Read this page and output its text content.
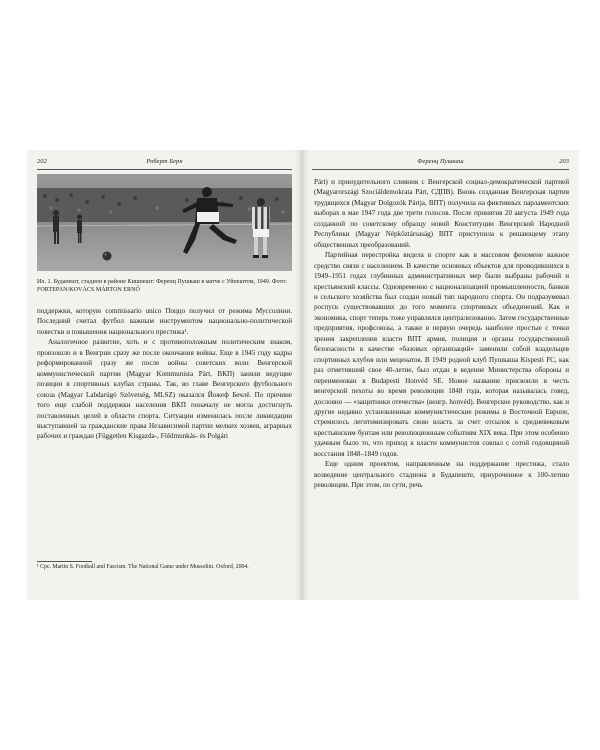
202	Роберт Берн
Ил. 1. Будапешт, стадион в районе Кишпешт: Ференц Пушкаш в матче с Уйпештом, 1949. Фото: FORTEPAN/KOVÁCS MÁRTON ERNŐ

поддержки, которую commissario unico Поццо получил от режима Муссолини. Последний считал футбол важным инструментом национально-политической повестки и повышения национального престижа¹.

Аналогичное развитие, хоть и с противоположным политическим знаком, произошло и в Венгрии сразу же после окончания войны. Еще в 1945 году кадры реформированной сразу же после войны советских волн Венгерской коммунистической партии (Magyar Kommunista Párt, ВКП) заняли ведущие позиции в спортивных клубах страны. Так, во главе Венгерского футбольного союза (Magyar Labdarúgó Szövetség, MLSZ) оказался Йожеф Бечлё. По причине того еще слабой поддержки населения ВКП поначалу не могла достигнуть поставленных целей в области спорта. Ситуации изменилась после ликвидации выступавшей за гражданские права Независимой партии мелких хозяев, аграрных рабочих и граждан (Független Kisgazda-, Földmunkás- és Polgári

¹ Срс. Martin S. Football and Fascism. The National Game under Mussolini. Oxford, 2004.
Ференц Пушкаш	203

Párt) и принудительного слияния с Венгерской социал-демократической партией (Magyarországi Szociáldemokrata Párt, СДПВ). Вновь созданная Венгерская партия трудящихся (Magyar Dolgozók Pártja, ВПТ) получила на фиктивных парламентских выборах в мае 1947 года две трети голосов. После принятия 20 августа 1949 года созданной по советскому образцу новой Конституции Венгерской Народной Республики (Magyar Népköztársaság) ВПТ приступила к решающему этапу общественных преобразований.

Партийная перестройка видела в спорте как в массовом феномене важное средство связи с населением. В качестве основных объектов для проводившихся в 1949–1951 годах глубинных административных мер были выбраны рабочий и крестьянский классы. Одновременно с национализацией промышленности, банков и сельского хозяйства был создан новый тип народного спорта. Он подразумевал роспуск существовавших до того момента спортивных объединений. Как и экономика, спорт теперь тоже управлялся централизованно. Затем государственные предприятия, профсоюзы, а также в первую очередь наиболее простые с точки зрения закрепления власти ВПТ армия, полиция и органы государственной безопасности в качестве «базовых организаций» заменили собой владельцев спортивных клубов или меценатов. В 1949 родной клуб Пушкаша Kispesti FC, как раз отметивший свое 40-летие, был отдан в ведение Министерства обороны и переименован в Budapesti Honvéd SE. Новое название присвоили в честь венгерской пехоты во время революции 1848 года, которая называлась говед, дословно — «защитники отечества» (венгр. honvéd). Венгерское руководство, как и другие недавно установленные коммунистические режимы в Восточной Европе, стремилось легитимизировать свою власть за счет отсылок к средневековым крестьянским бунтам или революционным событиям XIX века. При этом особенно удачным было то, что приход к власти коммунистов совпал с сотой годовщиной восстания 1848–1849 годов.

Еще одним проектом, направленным на поддержание престижа, стало возведение центрального стадиона в Будапеште, приуроченное к 100-летию революции. При этом, по сути, речь
